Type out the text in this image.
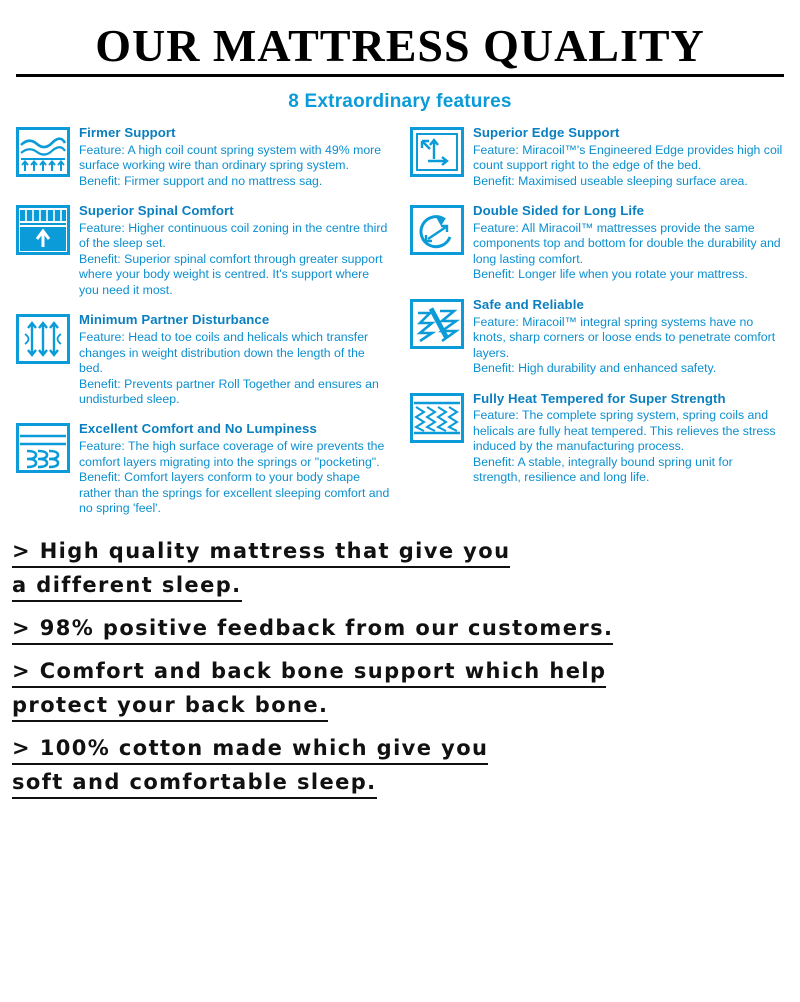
OUR MATTRESS QUALITY
8 Extraordinary features
Firmer Support

Feature: A high coil count spring system with 49% more surface working wire than ordinary spring system.

Benefit: Firmer support and no mattress sag.

Superior Spinal Comfort

Feature: Higher continuous coil zoning in the centre third of the sleep set.

Benefit: Superior spinal comfort through greater support where your body weight is centred. It's support where you need it most.

Minimum Partner Disturbance

Feature: Head to toe coils and helicals which transfer changes in weight distribution down the length of the bed.

Benefit: Prevents partner Roll Together and ensures an undisturbed sleep.

Excellent Comfort and No Lumpiness

Feature: The high surface coverage of wire prevents the comfort layers migrating into the springs or "pocketing".

Benefit: Comfort layers conform to your body shape rather than the springs for excellent sleeping comfort and no spring 'feel'.

Superior Edge Support

Feature: Miracoil™'s Engineered Edge provides high coil count support right to the edge of the bed.

Benefit: Maximised useable sleeping surface area.

Double Sided for Long Life

Feature: All Miracoil™ mattresses provide the same components top and bottom for double the durability and long lasting comfort.

Benefit: Longer life when you rotate your mattress.

Safe and Reliable

Feature: Miracoil™ integral spring systems have no knots, sharp corners or loose ends to penetrate comfort layers.

Benefit: High durability and enhanced safety.

Fully Heat Tempered for Super Strength

Feature: The complete spring system, spring coils and helicals are fully heat tempered. This relieves the stress induced by the manufacturing process.

Benefit: A stable, integrally bound spring unit for strength, resilience and long life.

> High quality mattress that give you
a different sleep.
> 98% positive feedback from our customers.
> Comfort and back bone support which help
protect your back bone.
> 100% cotton made which give you
soft and comfortable sleep.
